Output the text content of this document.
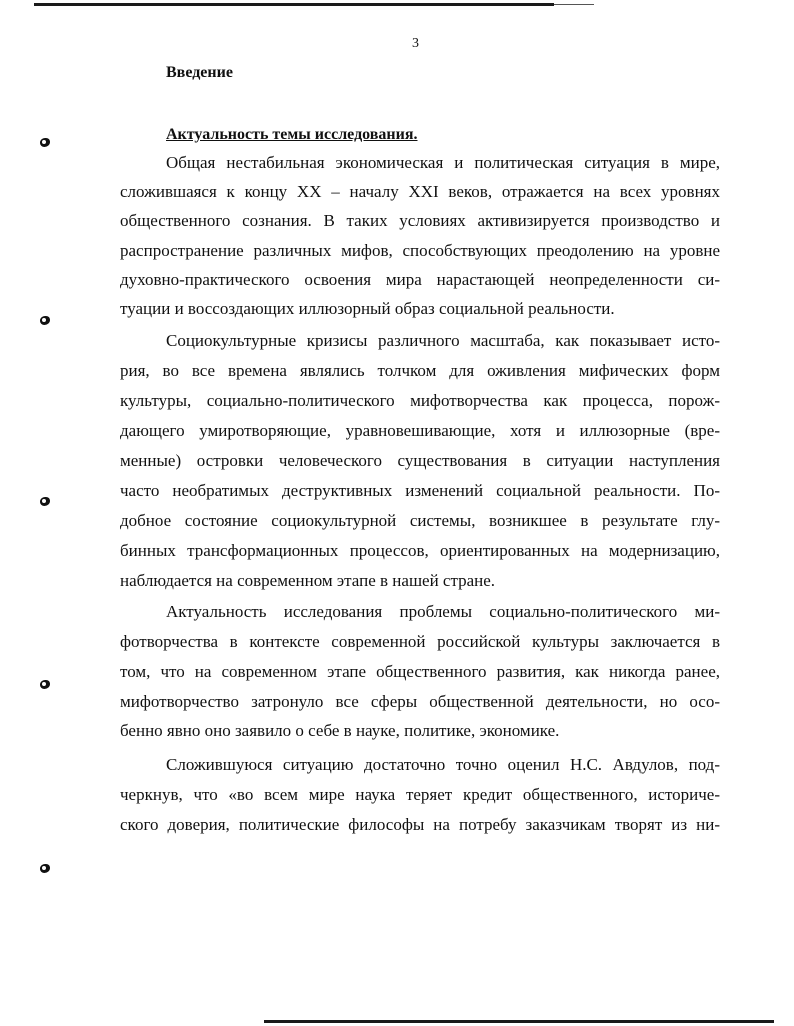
3
Введение
Актуальность темы исследования.
Общая нестабильная экономическая и политическая ситуация в мире,
сложившаяся к концу XX – началу XXI веков, отражается на всех уровнях
общественного сознания. В таких условиях активизируется производство и
распространение различных мифов, способствующих преодолению на уровне
духовно-практического освоения мира нарастающей неопределенности си-
туации и воссоздающих иллюзорный образ социальной реальности.
Социокультурные кризисы различного масштаба, как показывает исто-
рия, во все времена являлись толчком для оживления мифических форм
культуры, социально-политического мифотворчества как процесса, порож-
дающего умиротворяющие, уравновешивающие, хотя и иллюзорные (вре-
менные) островки человеческого существования в ситуации наступления
часто необратимых деструктивных изменений социальной реальности. По-
добное состояние социокультурной системы, возникшее в результате глу-
бинных трансформационных процессов, ориентированных на модернизацию,
наблюдается на современном этапе в нашей стране.
Актуальность исследования проблемы социально-политического ми-
фотворчества в контексте современной российской культуры заключается в
том, что на современном этапе общественного развития, как никогда ранее,
мифотворчество затронуло все сферы общественной деятельности, но осо-
бенно явно оно заявило о себе в науке, политике, экономике.
Сложившуюся ситуацию достаточно точно оценил Н.С. Авдулов, под-
черкнув, что «во всем мире наука теряет кредит общественного, историче-
ского доверия, политические философы на потребу заказчикам творят из ни-
